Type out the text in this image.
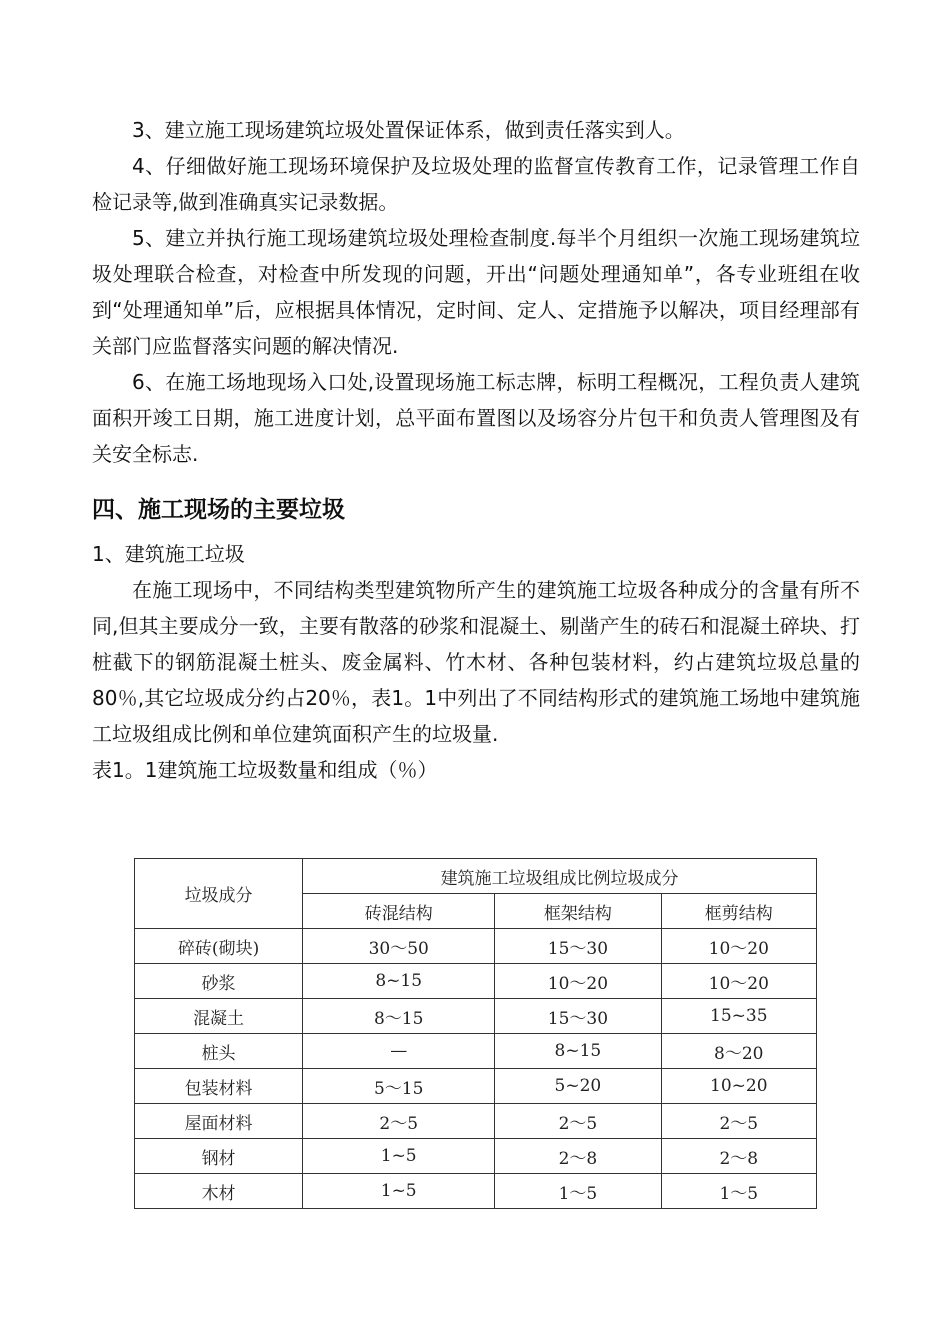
3、建立施工现场建筑垃圾处置保证体系，做到责任落实到人。

4、仔细做好施工现场环境保护及垃圾处理的监督宣传教育工作，记录管理工作自检记录等,做到准确真实记录数据。

5、建立并执行施工现场建筑垃圾处理检查制度.每半个月组织一次施工现场建筑垃圾处理联合检查，对检查中所发现的问题，开出“问题处理通知单”，各专业班组在收到“处理通知单”后，应根据具体情况，定时间、定人、定措施予以解决，项目经理部有关部门应监督落实问题的解决情况.

6、在施工场地现场入口处,设置现场施工标志牌，标明工程概况，工程负责人建筑面积开竣工日期，施工进度计划，总平面布置图以及场容分片包干和负责人管理图及有关安全标志.

四、施工现场的主要垃圾

1、建筑施工垃圾

在施工现场中，不同结构类型建筑物所产生的建筑施工垃圾各种成分的含量有所不同,但其主要成分一致，主要有散落的砂浆和混凝土、剔凿产生的砖石和混凝土碎块、打桩截下的钢筋混凝土桩头、废金属料、竹木材、各种包装材料，约占建筑垃圾总量的80％,其它垃圾成分约占20％，表1。1中列出了不同结构形式的建筑施工场地中建筑施工垃圾组成比例和单位建筑面积产生的垃圾量.

表1。1建筑施工垃圾数量和组成（％）

垃圾成分	建筑施工垃圾组成比例垃圾成分		
	砖混结构	框架结构	框剪结构
碎砖(砌块)	30～50	15～30	10～20
砂浆	8~15	10～20	10～20
混凝土	8～15	15～30	15~35
桩头	—	8~15	8～20
包装材料	5～15	5~20	10~20
屋面材料	2～5	2～5	2～5
钢材	1~5	2～8	2～8
木材	1~5	1～5	1～5
